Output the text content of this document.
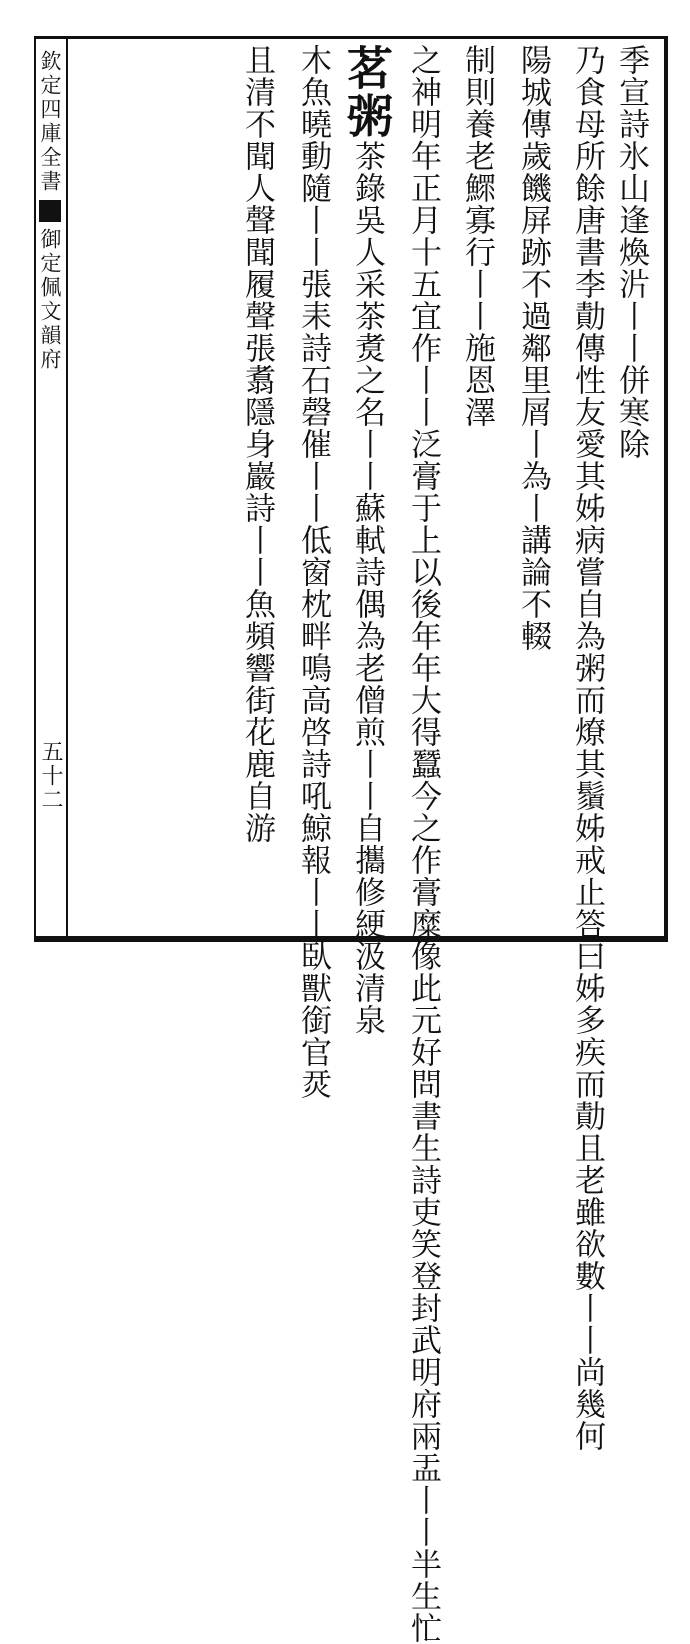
欽定四庫全書御定佩文韻府
五十二
季宣詩氷山逢煥沜丨丨併寒除
乃食母所餘唐書李勣傳性友愛其姊病嘗自為粥而燎其鬚姊戒止答曰姊多疾而勣且老雖欲數丨丨尚幾何
陽城傳歲饑屏跡不過鄰里屑丨為丨講論不輟
制則養老鰥寡行丨丨施恩澤
之神明年正月十五宜作丨丨泛膏于上以後年年大得蠶今之作膏糜像此元好問書生詩吏笑登封武明府兩盂丨丨半生忙
茗粥茶錄吳人采茶煑之名丨丨蘇軾詩偶為老僧煎丨丨自攜修綆汲清泉
木魚曉動隨丨丨張耒詩石磬催丨丨低窗枕畔鳴高啓詩吼鯨報丨丨臥獸銜官烎
且清不聞人聲聞履聲張翥隱身巖詩丨丨魚頻響街花鹿自游
